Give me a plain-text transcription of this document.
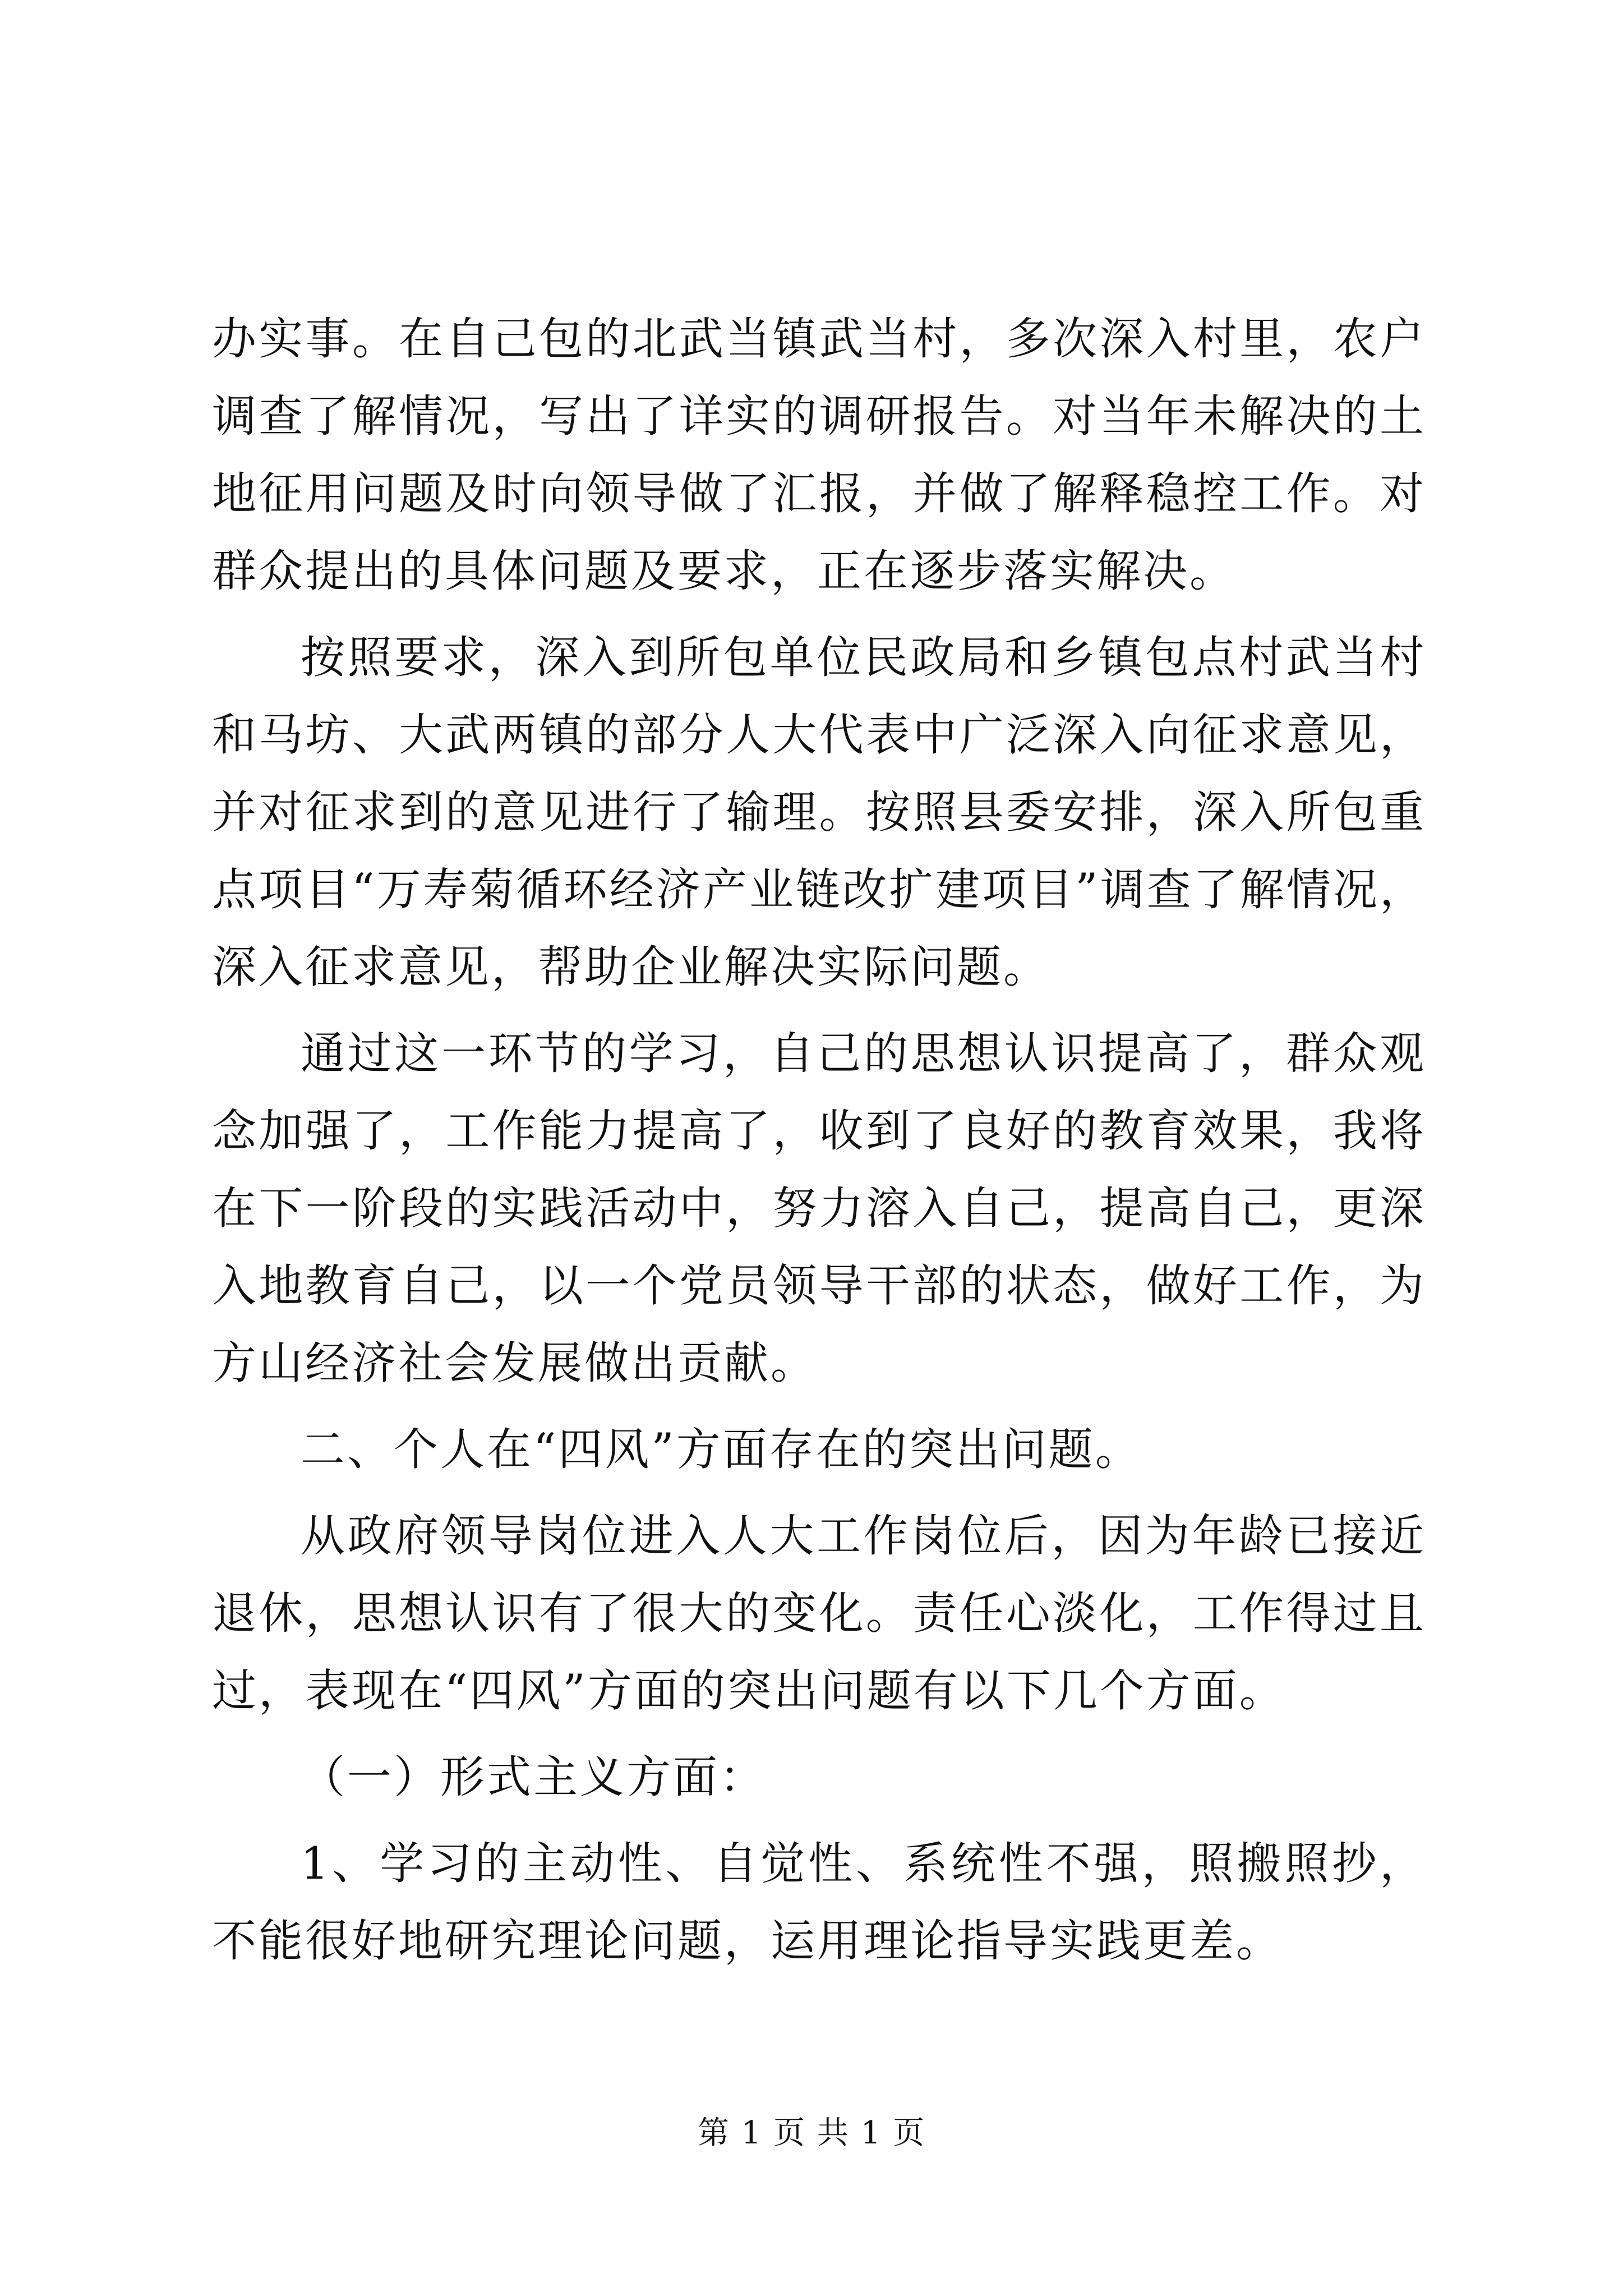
办实事。在自己包的北武当镇武当村，多次深入村里，农户调查了解情况，写出了详实的调研报告。对当年未解决的土地征用问题及时向领导做了汇报，并做了解释稳控工作。对群众提出的具体问题及要求，正在逐步落实解决。

按照要求，深入到所包单位民政局和乡镇包点村武当村和马坊、大武两镇的部分人大代表中广泛深入向征求意见，并对征求到的意见进行了输理。按照县委安排，深入所包重点项目“万寿菊循环经济产业链改扩建项目”调查了解情况，深入征求意见，帮助企业解决实际问题。

通过这一环节的学习，自己的思想认识提高了，群众观念加强了，工作能力提高了，收到了良好的教育效果，我将在下一阶段的实践活动中，努力溶入自己，提高自己，更深入地教育自己，以一个党员领导干部的状态，做好工作，为方山经济社会发展做出贡献。

二、个人在“四风”方面存在的突出问题。

从政府领导岗位进入人大工作岗位后，因为年龄已接近退休，思想认识有了很大的变化。责任心淡化，工作得过且过，表现在“四风”方面的突出问题有以下几个方面。

（一）形式主义方面：

1、学习的主动性、自觉性、系统性不强，照搬照抄，不能很好地研究理论问题，运用理论指导实践更差。

第 1 页 共 1 页
